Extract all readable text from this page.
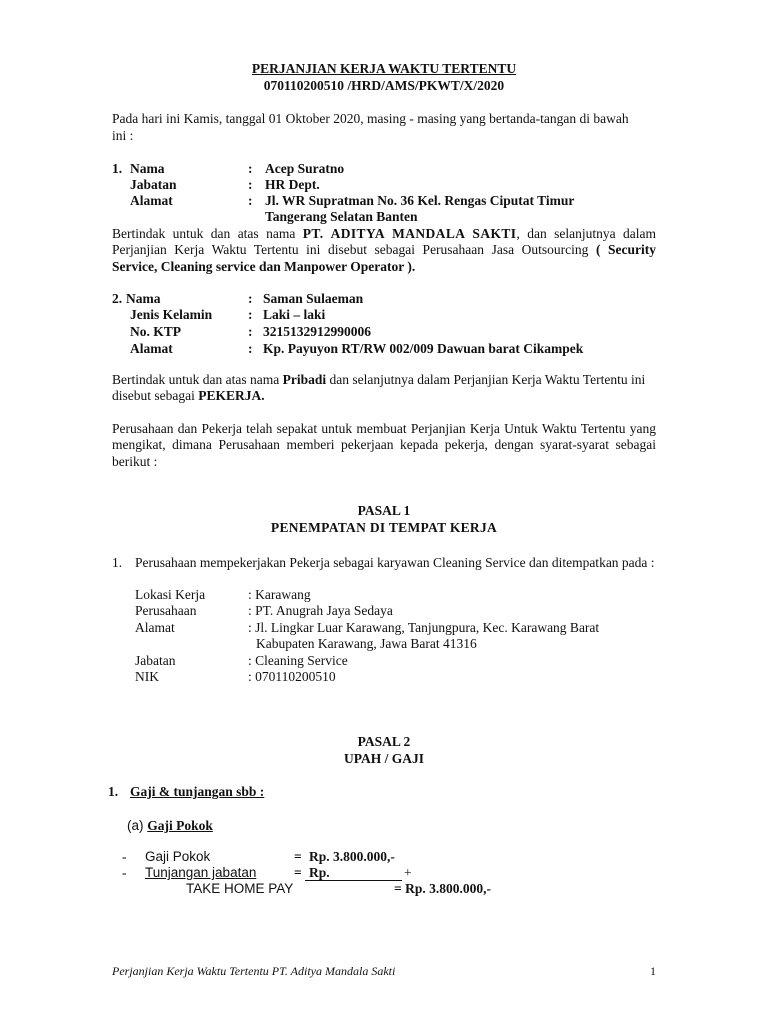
PERJANJIAN KERJA WAKTU TERTENTU
070110200510 /HRD/AMS/PKWT/X/2020
Pada hari ini Kamis, tanggal 01 Oktober 2020, masing - masing yang bertanda-tangan di bawah
ini :
1. Nama	: Acep Suratno
Jabatan	: HR Dept.
Alamat	: Jl. WR Supratman No. 36 Kel. Rengas Ciputat Timur
Tangerang Selatan Banten
Bertindak untuk dan atas nama PT. ADITYA MANDALA SAKTI, dan selanjutnya dalam Perjanjian Kerja Waktu Tertentu ini disebut sebagai Perusahaan Jasa Outsourcing ( Security Service, Cleaning service dan Manpower Operator ).
2. Nama	: Saman Sulaeman
Jenis Kelamin	: Laki – laki
No. KTP	: 3215132912990006
Alamat	: Kp. Payuyon RT/RW 002/009 Dawuan barat Cikampek
Bertindak untuk dan atas nama Pribadi dan selanjutnya dalam Perjanjian Kerja Waktu Tertentu ini disebut sebagai PEKERJA.
Perusahaan dan Pekerja telah sepakat untuk membuat Perjanjian Kerja Untuk Waktu Tertentu yang mengikat, dimana Perusahaan memberi pekerjaan kepada pekerja, dengan syarat-syarat sebagai berikut :
PASAL 1
PENEMPATAN DI TEMPAT KERJA
1. Perusahaan mempekerjakan Pekerja sebagai karyawan Cleaning Service dan ditempatkan pada :
Lokasi Kerja	: Karawang
Perusahaan	: PT. Anugrah Jaya Sedaya
Alamat	: Jl. Lingkar Luar Karawang, Tanjungpura, Kec. Karawang Barat
Kabupaten Karawang, Jawa Barat 41316
Jabatan	: Cleaning Service
NIK	: 070110200510
PASAL 2
UPAH / GAJI
1. Gaji & tunjangan sbb :
(a) Gaji Pokok
- Gaji Pokok	= Rp. 3.800.000,-
- Tunjangan jabatan	= Rp.	+
TAKE HOME PAY	= Rp. 3.800.000,-
Perjanjian Kerja Waktu Tertentu PT. Aditya Mandala Sakti	1
